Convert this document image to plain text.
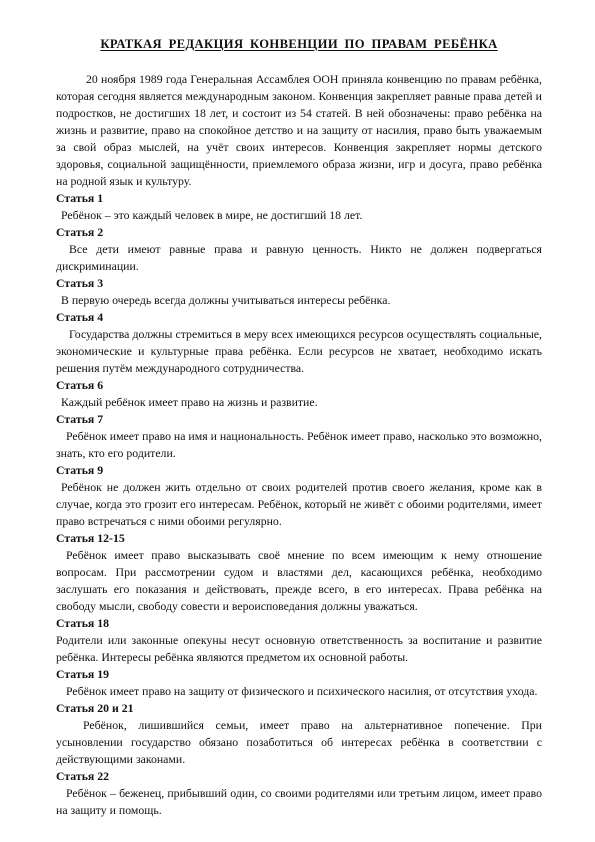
КРАТКАЯ РЕДАКЦИЯ КОНВЕНЦИИ ПО ПРАВАМ РЕБЁНКА

20 ноября 1989 года Генеральная Ассамблея ООН приняла конвенцию по правам ребёнка, которая сегодня является международным законом. Конвенция закрепляет равные права детей и подростков, не достигших 18 лет, и состоит из 54 статей. В ней обозначены: право ребёнка на жизнь и развитие, право на спокойное детство и на защиту от насилия, право быть уважаемым за свой образ мыслей, на учёт своих интересов. Конвенция закрепляет нормы детского здоровья, социальной защищённости, приемлемого образа жизни, игр и досуга, право ребёнка на родной язык и культуру.

Статья 1

Ребёнок – это каждый человек в мире, не достигший 18 лет.

Статья 2

Все дети имеют равные права и равную ценность. Никто не должен подвергаться дискриминации.

Статья 3

В первую очередь всегда должны учитываться интересы ребёнка.

Статья 4

Государства должны стремиться в меру всех имеющихся ресурсов осуществлять социальные, экономические и культурные права ребёнка. Если ресурсов не хватает, необходимо искать решения путём международного сотрудничества.

Статья 6

Каждый ребёнок имеет право на жизнь и развитие.

Статья 7

Ребёнок имеет право на имя и национальность. Ребёнок имеет право, насколько это возможно, знать, кто его родители.

Статья 9

Ребёнок не должен жить отдельно от своих родителей против своего желания, кроме как в случае, когда это грозит его интересам. Ребёнок, который не живёт с обоими родителями, имеет право встречаться с ними обоими регулярно.

Статья 12-15

Ребёнок имеет право высказывать своё мнение по всем имеющим к нему отношение вопросам. При рассмотрении судом и властями дел, касающихся ребёнка, необходимо заслушать его показания и действовать, прежде всего, в его интересах. Права ребёнка на свободу мысли, свободу совести и вероисповедания должны уважаться.

Статья 18

Родители или законные опекуны несут основную ответственность за воспитание и развитие ребёнка. Интересы ребёнка являются предметом их основной работы.

Статья 19

Ребёнок имеет право на защиту от физического и психического насилия, от отсутствия ухода.

Статья 20 и 21

Ребёнок, лишившийся семьи, имеет право на альтернативное попечение. При усыновлении государство обязано позаботиться об интересах ребёнка в соответствии с действующими законами.

Статья 22

Ребёнок – беженец, прибывший один, со своими родителями или третьим лицом, имеет право на защиту и помощь.
